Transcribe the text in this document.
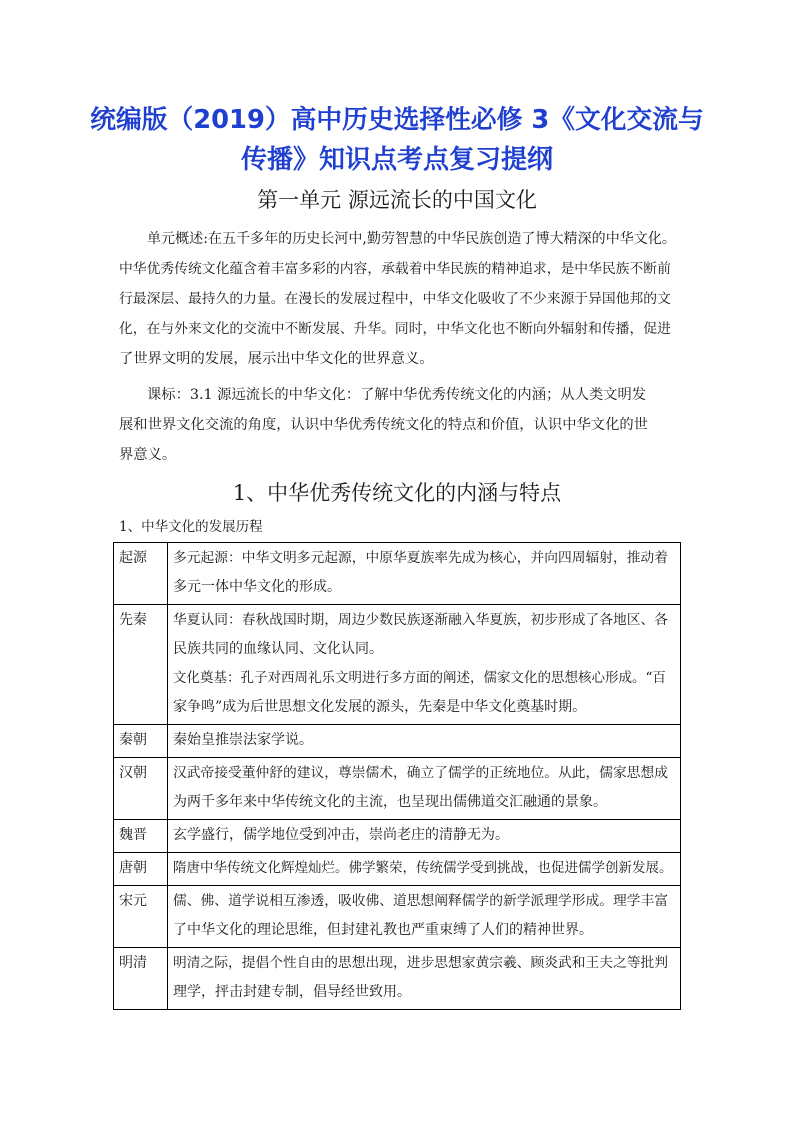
统编版（2019）高中历史选择性必修 3《文化交流与
传播》知识点考点复习提纲
第一单元 源远流长的中国文化
单元概述:在五千多年的历史长河中,勤劳智慧的中华民族创造了博大精深的中华文化。
中华优秀传统文化蕴含着丰富多彩的内容，承载着中华民族的精神追求，是中华民族不断前
行最深层、最持久的力量。在漫长的发展过程中，中华文化吸收了不少来源于异国他邦的文
化，在与外来文化的交流中不断发展、升华。同时，中华文化也不断向外辐射和传播，促进
了世界文明的发展，展示出中华文化的世界意义。
课标：3.1 源远流长的中华文化：了解中华优秀传统文化的内涵；从人类文明发
展和世界文化交流的角度，认识中华优秀传统文化的特点和价值，认识中华文化的世
界意义。
1、中华优秀传统文化的内涵与特点
1、中华文化的发展历程
起源	多元起源：中华文明多元起源，中原华夏族率先成为核心，并向四周辐射，推动着
多元一体中华文化的形成。

先秦	华夏认同：春秋战国时期，周边少数民族逐渐融入华夏族，初步形成了各地区、各
民族共同的血缘认同、文化认同。
文化奠基：孔子对西周礼乐文明进行多方面的阐述，儒家文化的思想核心形成。“百
家争鸣”成为后世思想文化发展的源头，先秦是中华文化奠基时期。

秦朝	秦始皇推崇法家学说。

汉朝	汉武帝接受董仲舒的建议，尊崇儒术，确立了儒学的正统地位。从此，儒家思想成
为两千多年来中华传统文化的主流，也呈现出儒佛道交汇融通的景象。

魏晋	玄学盛行，儒学地位受到冲击，崇尚老庄的清静无为。

唐朝	隋唐中华传统文化辉煌灿烂。佛学繁荣，传统儒学受到挑战，也促进儒学创新发展。

宋元	儒、佛、道学说相互渗透，吸收佛、道思想阐释儒学的新学派理学形成。理学丰富
了中华文化的理论思维，但封建礼教也严重束缚了人们的精神世界。

明清	明清之际，提倡个性自由的思想出现，进步思想家黄宗羲、顾炎武和王夫之等批判
理学，抨击封建专制，倡导经世致用。
